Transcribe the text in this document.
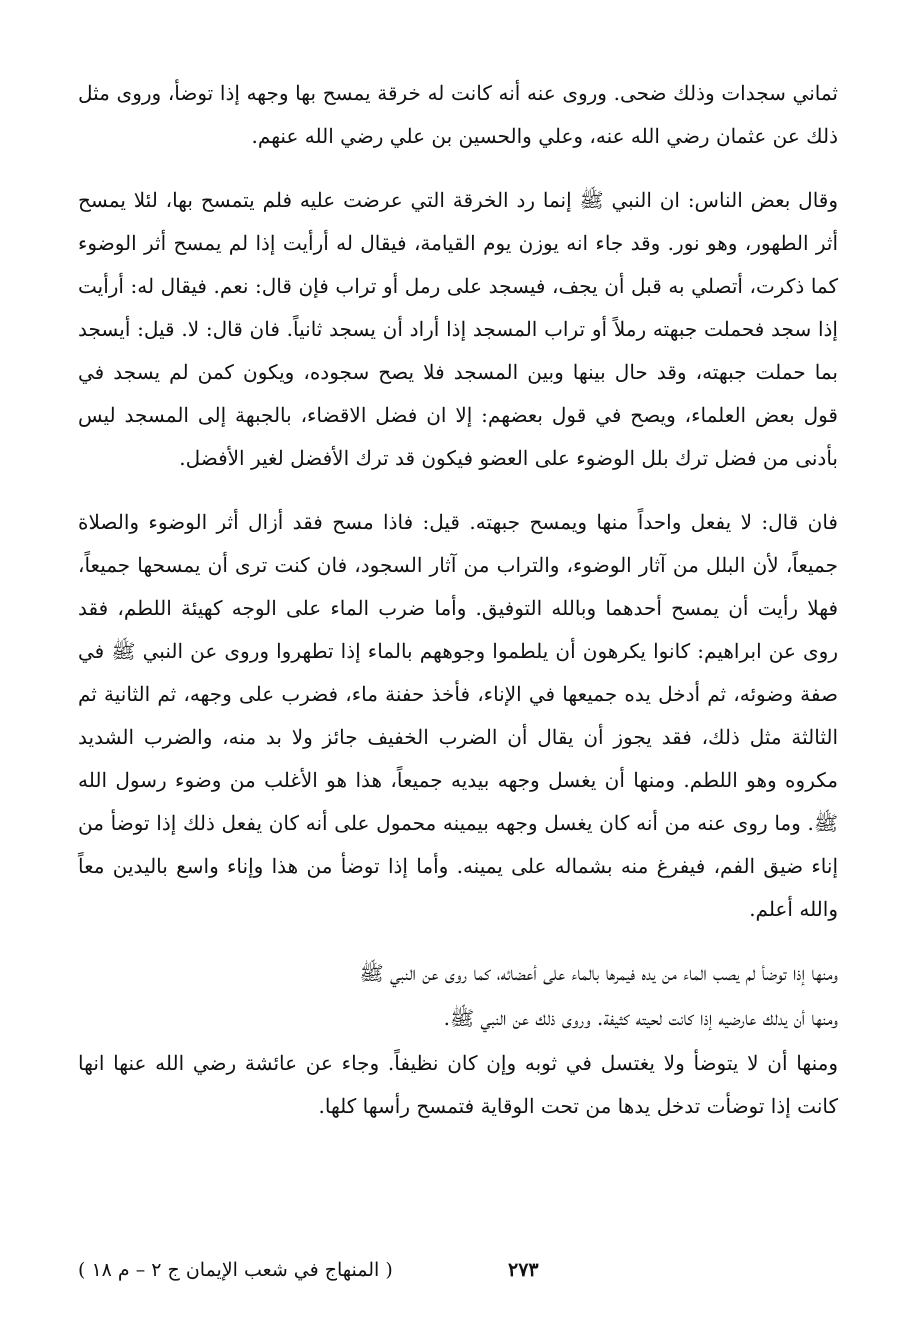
ثماني سجدات وذلك ضحى. وروى عنه أنه كانت له خرقة يمسح بها وجهه إذا توضأ، وروى مثل ذلك عن عثمان رضي الله عنه، وعلي والحسين بن علي رضي الله عنهم.

وقال بعض الناس: ان النبي ﷺ إنما رد الخرقة التي عرضت عليه فلم يتمسح بها، لئلا يمسح أثر الطهور، وهو نور. وقد جاء انه يوزن يوم القيامة، فيقال له أرأيت إذا لم يمسح أثر الوضوء كما ذكرت، أتصلي به قبل أن يجف، فيسجد على رمل أو تراب فإن قال: نعم. فيقال له: أرأيت إذا سجد فحملت جبهته رملاً أو تراب المسجد إذا أراد أن يسجد ثانياً. فان قال: لا. قيل: أيسجد بما حملت جبهته، وقد حال بينها وبين المسجد فلا يصح سجوده، ويكون كمن لم يسجد في قول بعض العلماء، ويصح في قول بعضهم: إلا ان فضل الاقضاء، بالجبهة إلى المسجد ليس بأدنى من فضل ترك بلل الوضوء على العضو فيكون قد ترك الأفضل لغير الأفضل.

فان قال: لا يفعل واحداً منها ويمسح جبهته. قيل: فاذا مسح فقد أزال أثر الوضوء والصلاة جميعاً، لأن البلل من آثار الوضوء، والتراب من آثار السجود، فان كنت ترى أن يمسحها جميعاً، فهلا رأيت أن يمسح أحدهما وبالله التوفيق. وأما ضرب الماء على الوجه كهيئة اللطم، فقد روى عن ابراهيم: كانوا يكرهون أن يلطموا وجوههم بالماء إذا تطهروا وروى عن النبي ﷺ في صفة وضوئه، ثم أدخل يده جميعها في الإناء، فأخذ حفنة ماء، فضرب على وجهه، ثم الثانية ثم الثالثة مثل ذلك، فقد يجوز أن يقال أن الضرب الخفيف جائز ولا بد منه، والضرب الشديد مكروه وهو اللطم. ومنها أن يغسل وجهه بيديه جميعاً، هذا هو الأغلب من وضوء رسول الله ﷺ. وما روى عنه من أنه كان يغسل وجهه بيمينه محمول على أنه كان يفعل ذلك إذا توضأ من إناء ضيق الفم، فيفرغ منه بشماله على يمينه. وأما إذا توضأ من هذا وإناء واسع باليدين معاً والله أعلم.

ومنها إذا توضأ لم يصب الماء من يده فيمرها بالماء على أعضائه، كما روى عن النبي ﷺ

ومنها أن يدلك عارضيه إذا كانت لحيته كثيفة. وروى ذلك عن النبي ﷺ.

ومنها أن لا يتوضأ ولا يغتسل في ثوبه وإن كان نظيفاً. وجاء عن عائشة رضي الله عنها انها كانت إذا توضأت تدخل يدها من تحت الوقاية فتمسح رأسها كلها.

٢٧٣
( المنهاج في شعب الإيمان ج ٢ – م ١٨ )
